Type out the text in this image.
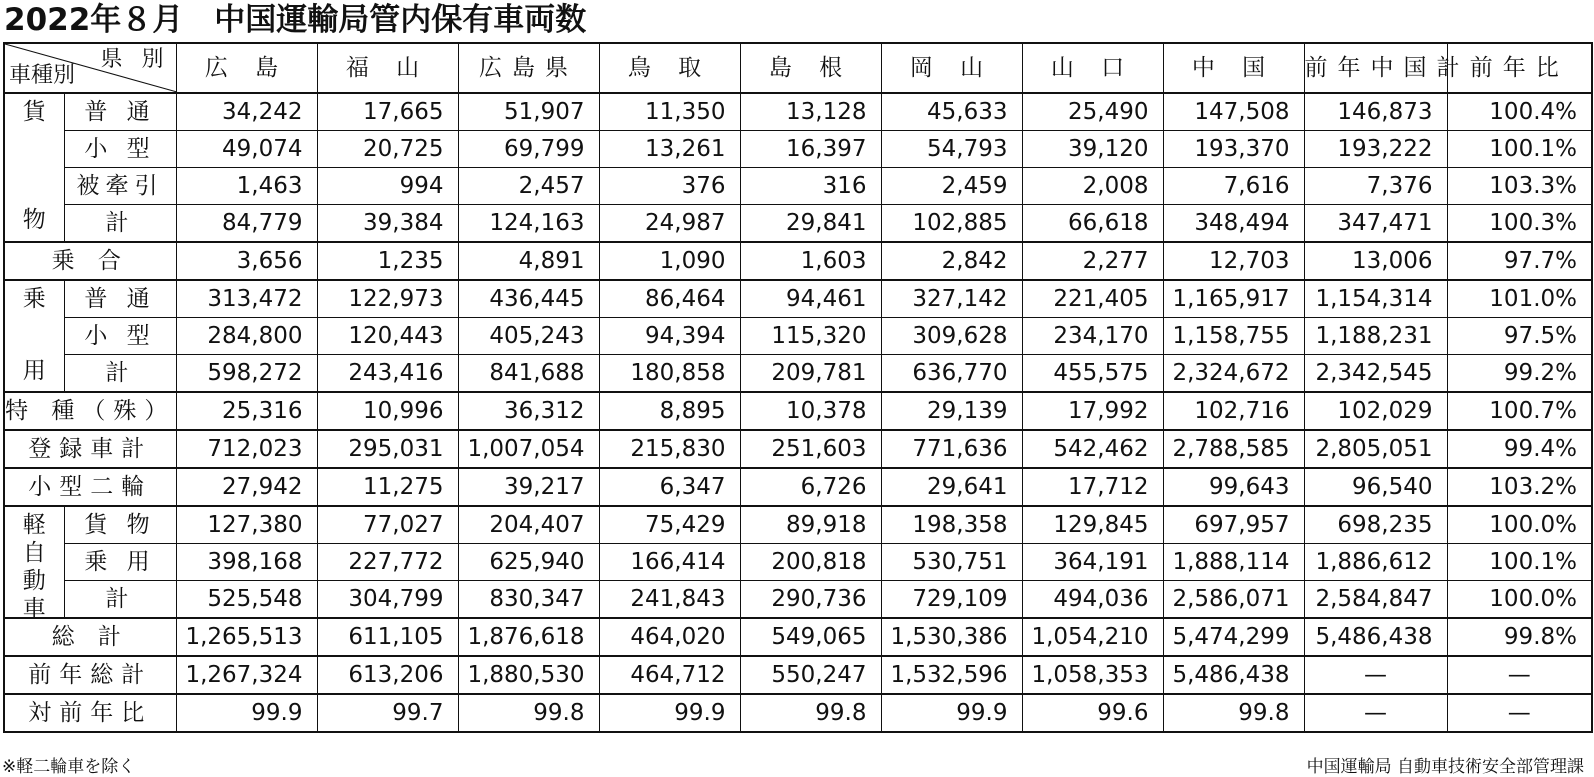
2022年８月　中国運輸局管内保有車両数
県 別
車種別		広 島	福 山	広島県	鳥 取	島 根	岡 山	山 口	中 国	前年中国計	前年比

貨
物	普 通	34,242	17,665	51,907	11,350	13,128	45,633	25,490	147,508	146,873	100.4%
	小 型	49,074	20,725	69,799	13,261	16,397	54,793	39,120	193,370	193,222	100.1%
	被牽引	1,463	994	2,457	376	316	2,459	2,008	7,616	7,376	103.3%
	計	84,779	39,384	124,163	24,987	29,841	102,885	66,618	348,494	347,471	100.3%
乗 合		3,656	1,235	4,891	1,090	1,603	2,842	2,277	12,703	13,006	97.7%

乗
用	普 通	313,472	122,973	436,445	86,464	94,461	327,142	221,405	1,165,917	1,154,314	101.0%
	小 型	284,800	120,443	405,243	94,394	115,320	309,628	234,170	1,158,755	1,188,231	97.5%
	計	598,272	243,416	841,688	180,858	209,781	636,770	455,575	2,324,672	2,342,545	99.2%
特 種（殊）		25,316	10,996	36,312	8,895	10,378	29,139	17,992	102,716	102,029	100.7%
登録車計		712,023	295,031	1,007,054	215,830	251,603	771,636	542,462	2,788,585	2,805,051	99.4%
小型二輪		27,942	11,275	39,217	6,347	6,726	29,641	17,712	99,643	96,540	103.2%

軽
自
動
車	貨 物	127,380	77,027	204,407	75,429	89,918	198,358	129,845	697,957	698,235	100.0%
	乗 用	398,168	227,772	625,940	166,414	200,818	530,751	364,191	1,888,114	1,886,612	100.1%
	計	525,548	304,799	830,347	241,843	290,736	729,109	494,036	2,586,071	2,584,847	100.0%
総 計		1,265,513	611,105	1,876,618	464,020	549,065	1,530,386	1,054,210	5,474,299	5,486,438	99.8%
前年総計		1,267,324	613,206	1,880,530	464,712	550,247	1,532,596	1,058,353	5,486,438	—	—
対前年比		99.9	99.7	99.8	99.9	99.8	99.9	99.6	99.8	—	—
※軽二輪車を除く	中国運輸局 自動車技術安全部管理課
